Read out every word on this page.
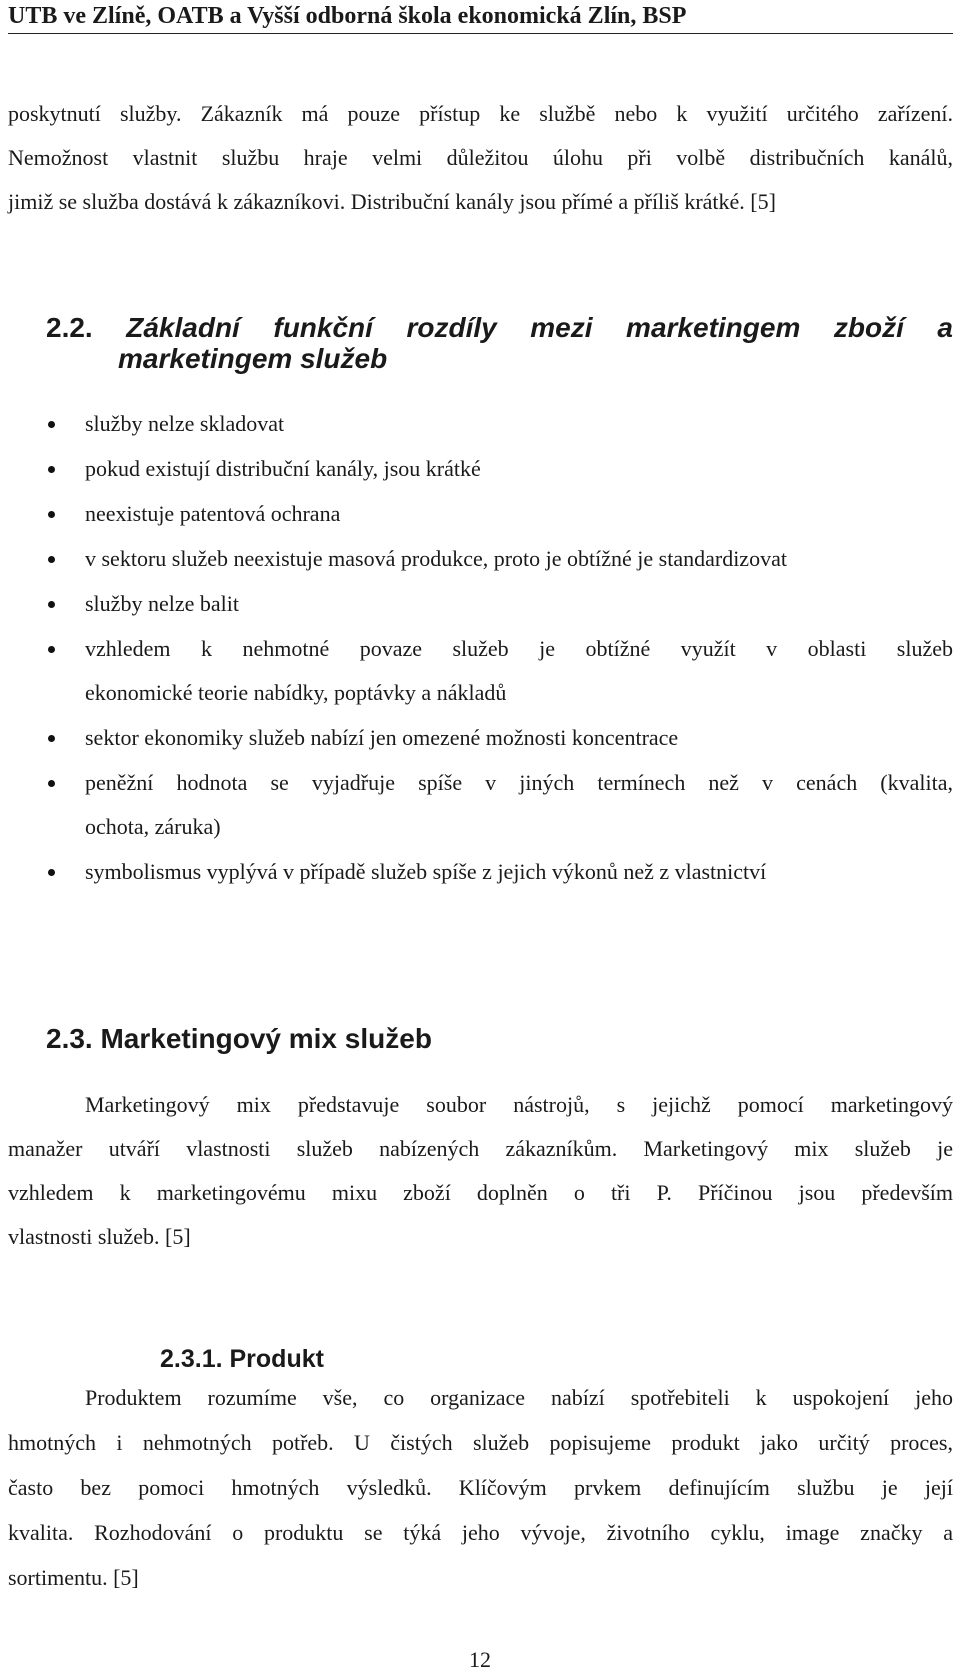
UTB ve Zlíně, OATB a Vyšší odborná škola ekonomická Zlín, BSP
poskytnutí služby. Zákazník má pouze přístup ke službě nebo k využití určitého zařízení.
Nemožnost vlastnit službu hraje velmi důležitou úlohu při volbě distribučních kanálů,
jimiž se služba dostává k zákazníkovi. Distribuční kanály jsou přímé a příliš krátké. [5]
2.2. Základní funkční rozdíly mezi marketingem zboží a
marketingem služeb
služby nelze skladovat
pokud existují distribuční kanály, jsou krátké
neexistuje patentová ochrana
v sektoru služeb neexistuje masová produkce, proto je obtížné je standardizovat
služby nelze balit
vzhledem k nehmotné povaze služeb je obtížné využít v oblasti služeb
ekonomické teorie nabídky, poptávky a nákladů
sektor ekonomiky služeb nabízí jen omezené možnosti koncentrace
peněžní hodnota se vyjadřuje spíše v jiných termínech než v cenách (kvalita,
ochota, záruka)
symbolismus vyplývá v případě služeb spíše z jejich výkonů než z vlastnictví
2.3. Marketingový mix služeb
Marketingový mix představuje soubor nástrojů, s jejichž pomocí marketingový
manažer utváří vlastnosti služeb nabízených zákazníkům. Marketingový mix služeb je
vzhledem k marketingovému mixu zboží doplněn o tři P. Příčinou jsou především
vlastnosti služeb. [5]
2.3.1. Produkt
Produktem rozumíme vše, co organizace nabízí spotřebiteli k uspokojení jeho
hmotných i nehmotných potřeb. U čistých služeb popisujeme produkt jako určitý proces,
často bez pomoci hmotných výsledků. Klíčovým prvkem definujícím službu je její
kvalita. Rozhodování o produktu se týká jeho vývoje, životního cyklu, image značky a
sortimentu. [5]
12
